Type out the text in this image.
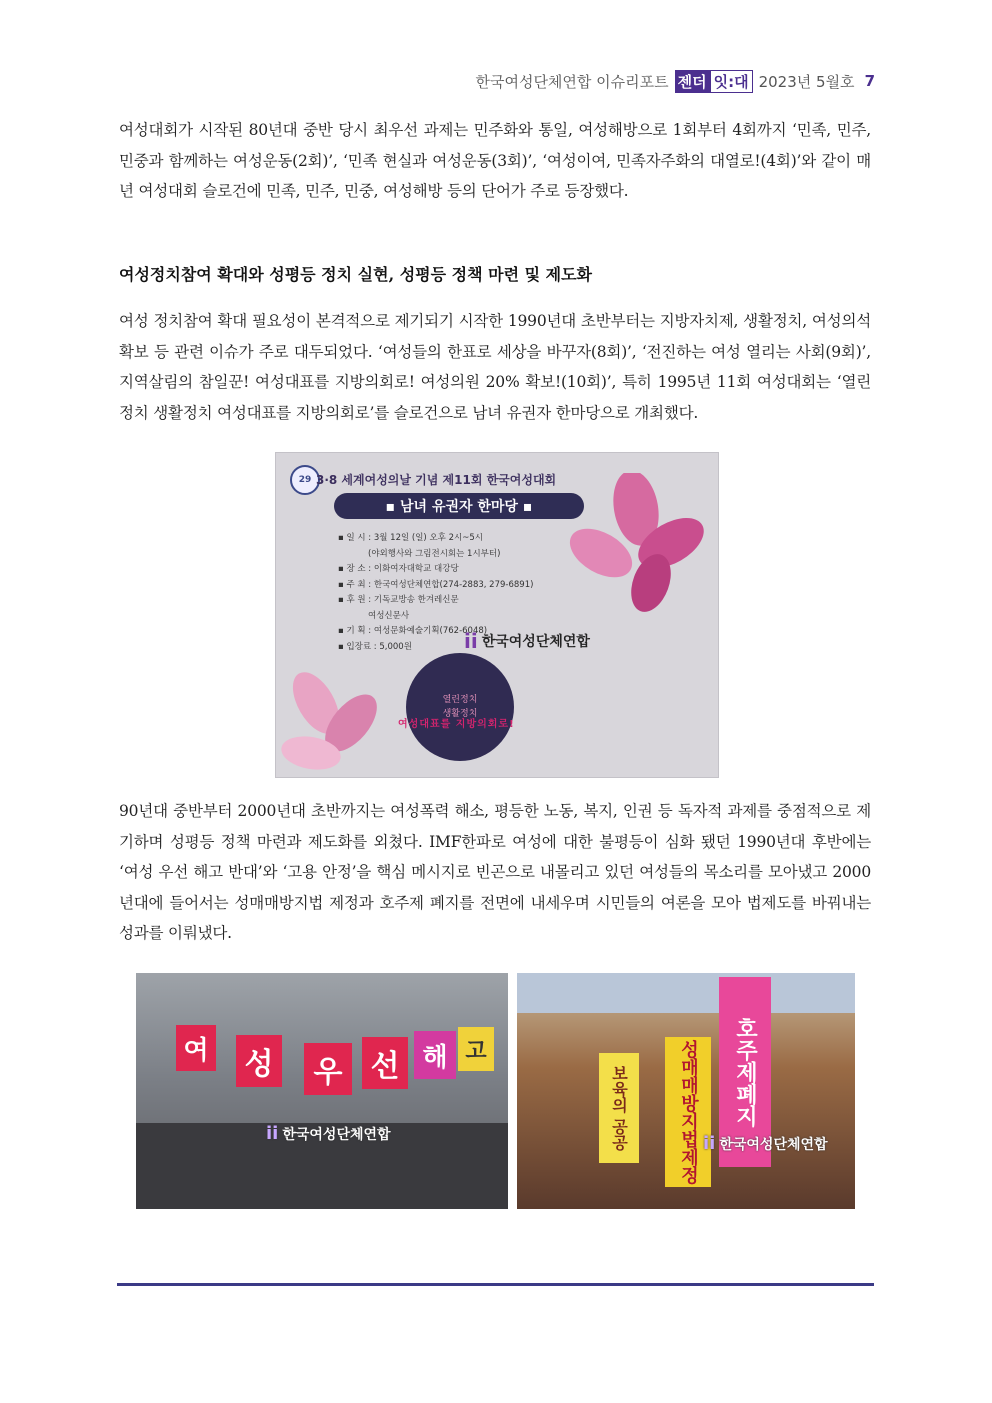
한국여성단체연합 이슈리포트 젠더 잇:대 2023년 5월호 7

여성대회가 시작된 80년대 중반 당시 최우선 과제는 민주화와 통일, 여성해방으로 1회부터 4회까지 ‘민족, 민주, 민중과 함께하는 여성운동(2회)’, ‘민족 현실과 여성운동(3회)’, ‘여성이여, 민족자주화의 대열로!(4회)’와 같이 매년 여성대회 슬로건에 민족, 민주, 민중, 여성해방 등의 단어가 주로 등장했다.

여성정치참여 확대와 성평등 정치 실현, 성평등 정책 마련 및 제도화

여성 정치참여 확대 필요성이 본격적으로 제기되기 시작한 1990년대 초반부터는 지방자치제, 생활정치, 여성의석 확보 등 관련 이슈가 주로 대두되었다. ‘여성들의 한표로 세상을 바꾸자(8회)’, ‘전진하는 여성 열리는 사회(9회)’, 지역살림의 참일꾼! 여성대표를 지방의회로! 여성의원 20% 확보!(10회)’, 특히 1995년 11회 여성대회는 ‘열린정치 생활정치 여성대표를 지방의회로’를 슬로건으로 남녀 유권자 한마당으로 개최했다.

29 3·8 세계여성의날 기념 제11회 한국여성대회
▪ 남녀 유권자 한마당 ▪
▪ 일 시 : 3월 12일 (일) 오후 2시~5시
(야외행사와 그림전시회는 1시부터)
▪ 장 소 : 이화여자대학교 대강당
▪ 주 최 : 한국여성단체연합(274-2883, 279-6891)
▪ 후 원 : 기독교방송 한겨레신문
여성신문사
▪ 기 획 : 여성문화예술기획(762-6048)
▪ 입장료 : 5,000원	ii 한국여성단체연합
열린정치
생활정치
여성대표를 지방의회로!

90년대 중반부터 2000년대 초반까지는 여성폭력 해소, 평등한 노동, 복지, 인권 등 독자적 과제를 중점적으로 제기하며 성평등 정책 마련과 제도화를 외쳤다. IMF한파로 여성에 대한 불평등이 심화 됐던 1990년대 후반에는 ‘여성 우선 해고 반대’와 ‘고용 안정’을 핵심 메시지로 빈곤으로 내몰리고 있던 여성들의 목소리를 모아냈고 2000년대에 들어서는 성매매방지법 제정과 호주제 폐지를 전면에 내세우며 시민들의 여론을 모아 법제도를 바꿔내는 성과를 이뤄냈다.

여 성	우 선 해 고
ii 한국여성단체연합
호주제폐지
성매매방지법제정
보육의 공공	ii 한국여성단체연합
